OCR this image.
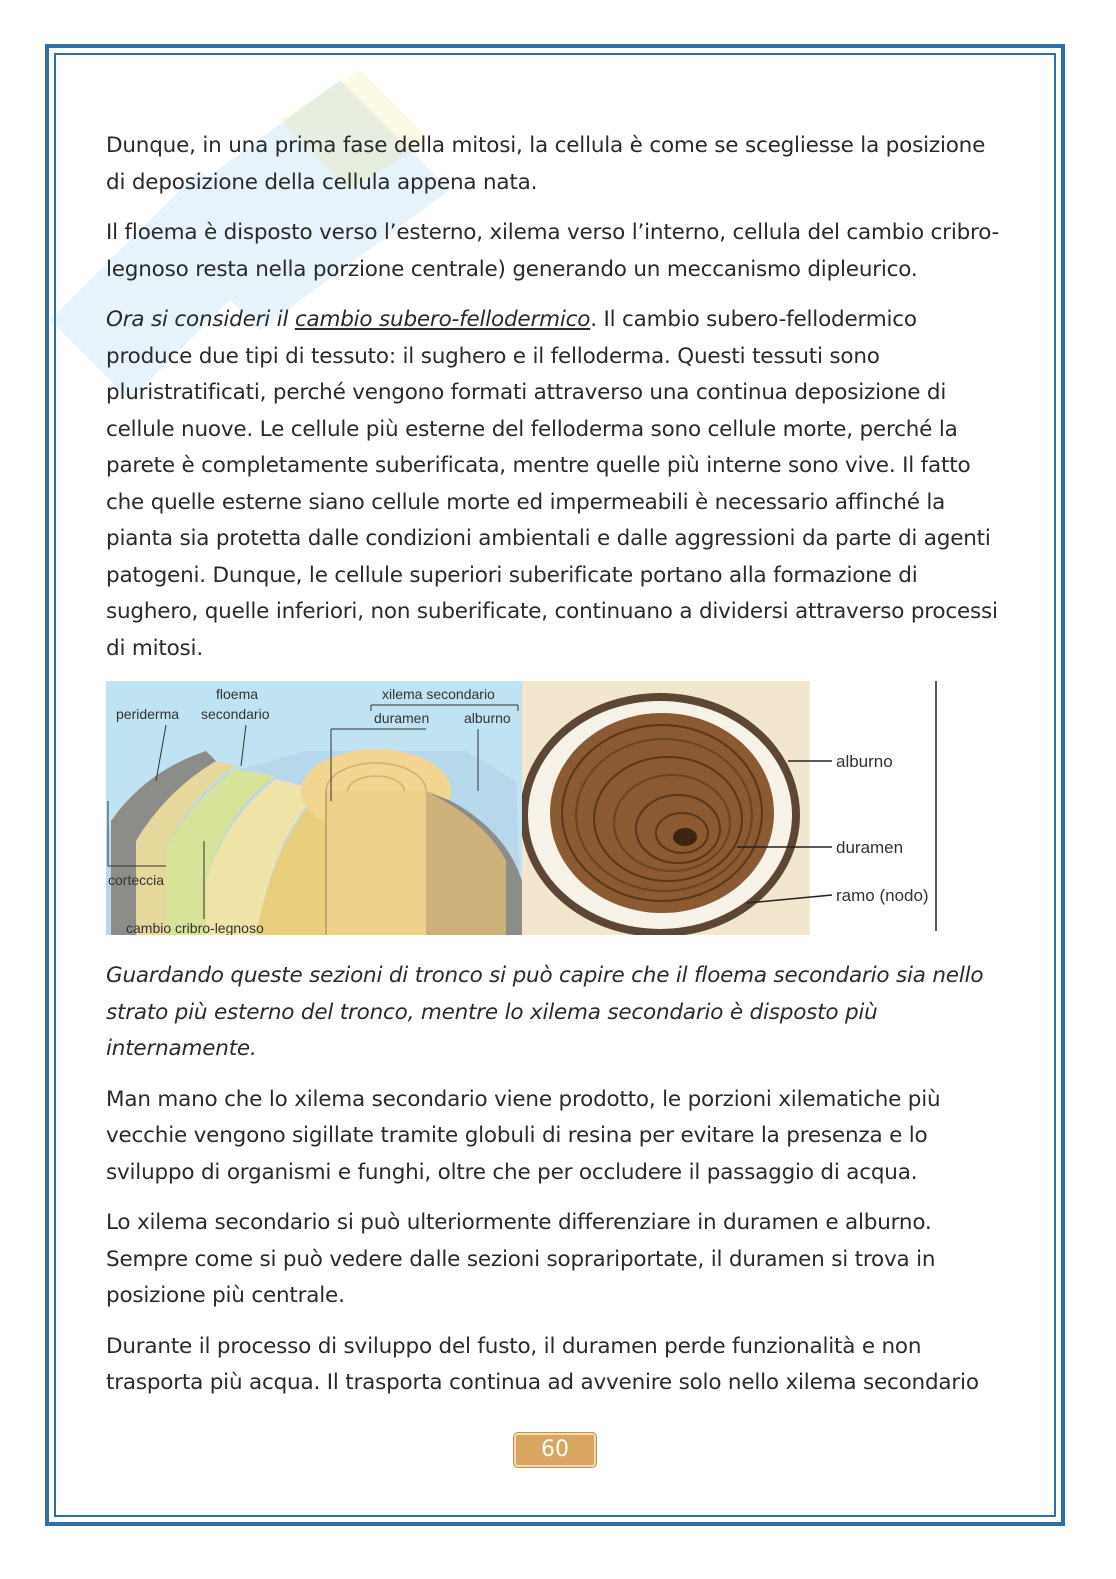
Dunque, in una prima fase della mitosi, la cellula è come se scegliesse la posizione di deposizione della cellula appena nata.

Il floema è disposto verso l’esterno, xilema verso l’interno, cellula del cambio cribro-legnoso resta nella porzione centrale) generando un meccanismo dipleurico.

Ora si consideri il cambio subero-fellodermico. Il cambio subero-fellodermico produce due tipi di tessuto: il sughero e il felloderma. Questi tessuti sono pluristratificati, perché vengono formati attraverso una continua deposizione di cellule nuove. Le cellule più esterne del felloderma sono cellule morte, perché la parete è completamente suberificata, mentre quelle più interne sono vive. Il fatto che quelle esterne siano cellule morte ed impermeabili è necessario affinché la pianta sia protetta dalle condizioni ambientali e dalle aggressioni da parte di agenti patogeni. Dunque, le cellule superiori suberificate portano alla formazione di sughero, quelle inferiori, non suberificate, continuano a dividersi attraverso processi di mitosi.

periderma
floema
secondario
xilema secondario
duramen alburno
corteccia
cambio cribro-legnoso
alburno
duramen
ramo (nodo)

Guardando queste sezioni di tronco si può capire che il floema secondario sia nello strato più esterno del tronco, mentre lo xilema secondario è disposto più internamente.

Man mano che lo xilema secondario viene prodotto, le porzioni xilematiche più vecchie vengono sigillate tramite globuli di resina per evitare la presenza e lo sviluppo di organismi e funghi, oltre che per occludere il passaggio di acqua.

Lo xilema secondario si può ulteriormente differenziare in duramen e alburno. Sempre come si può vedere dalle sezioni soprariportate, il duramen si trova in posizione più centrale.

Durante il processo di sviluppo del fusto, il duramen perde funzionalità e non trasporta più acqua. Il trasporta continua ad avvenire solo nello xilema secondario

60
